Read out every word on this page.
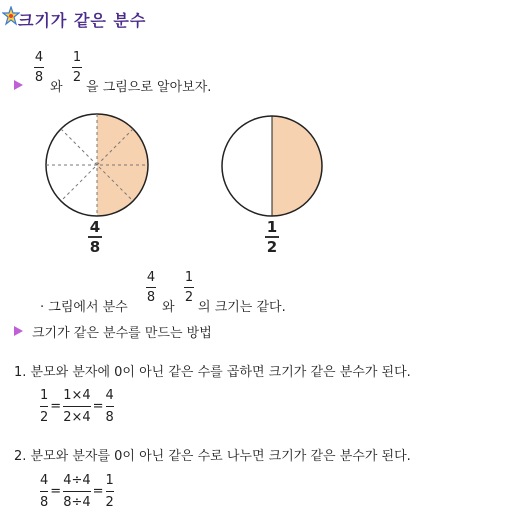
크기가 같은 분수
4
8
와
1
2
을 그림으로 알아보자.
4
8
1
2
· 그림에서 분수
4
8
와
1
2
의 크기는 같다.
크기가 같은 분수를 만드는 방법
1. 분모와 분자에 0이 아닌 같은 수를 곱하면 크기가 같은 분수가 된다.
$\frac{1}{2} = \frac{1\times 4}{2\times 4} = \frac{4}{8}$
2. 분모와 분자를 0이 아닌 같은 수로 나누면 크기가 같은 분수가 된다.
$\frac{4}{8} = \frac{4\div 4}{8\div 4} = \frac{1}{2}$
